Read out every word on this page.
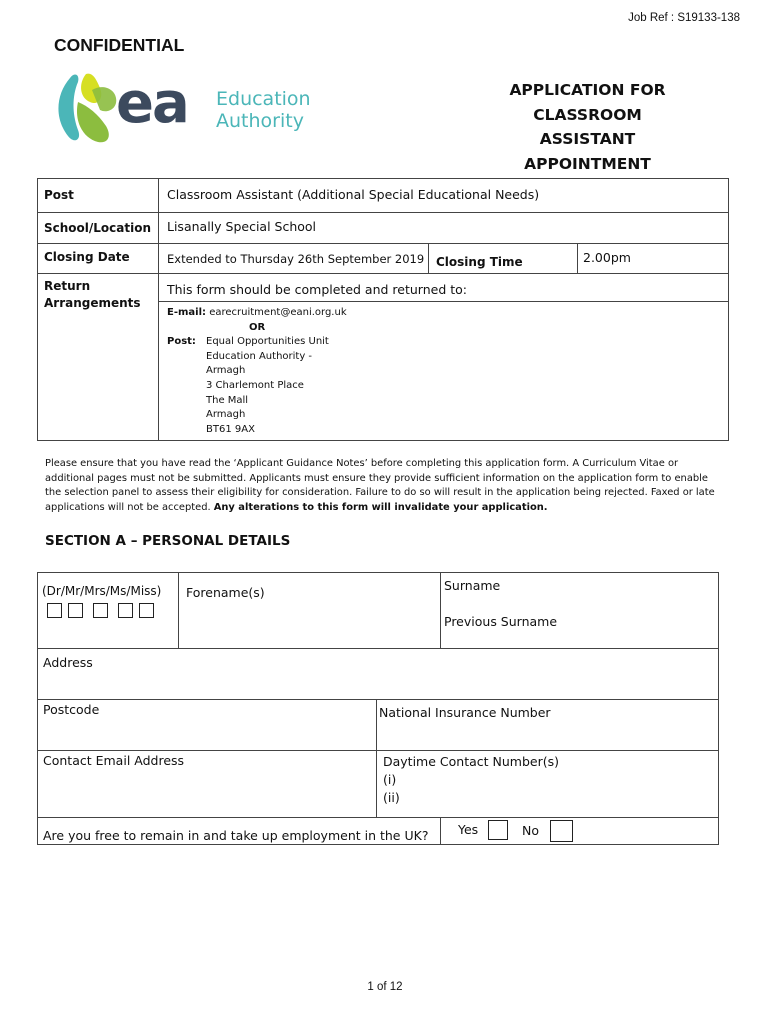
Job Ref : S19133-138
CONFIDENTIAL
ea Education
Authority
APPLICATION FOR
CLASSROOM
ASSISTANT
APPOINTMENT
Post	Classroom Assistant (Additional Special Educational Needs)
School/Location Lisanally Special School
Closing Date	Extended to Thursday 26th September 2019 Closing Time	2.00pm
Return
Arrangements
This form should be completed and returned to:
E-mail: earecruitment@eani.org.uk
OR
Post: Equal Opportunities Unit
Education Authority - Armagh
3 Charlemont Place
The Mall
Armagh
BT61 9AX
Please ensure that you have read the ‘Applicant Guidance Notes’ before completing this application form. A Curriculum Vitae or additional pages must not be submitted. Applicants must ensure they provide sufficient information on the application form to enable the selection panel to assess their eligibility for consideration. Failure to do so will result in the application being rejected. Faxed or late applications will not be accepted. Any alterations to this form will invalidate your application.
SECTION A – PERSONAL DETAILS
(Dr/Mr/Mrs/Ms/Miss) Forename(s)	Surname
Previous Surname
Address
Postcode	National Insurance Number
Contact Email Address	Daytime Contact Number(s)
(i)
(ii)
Are you free to remain in and take up employment in the UK? Yes	No
1 of 12
